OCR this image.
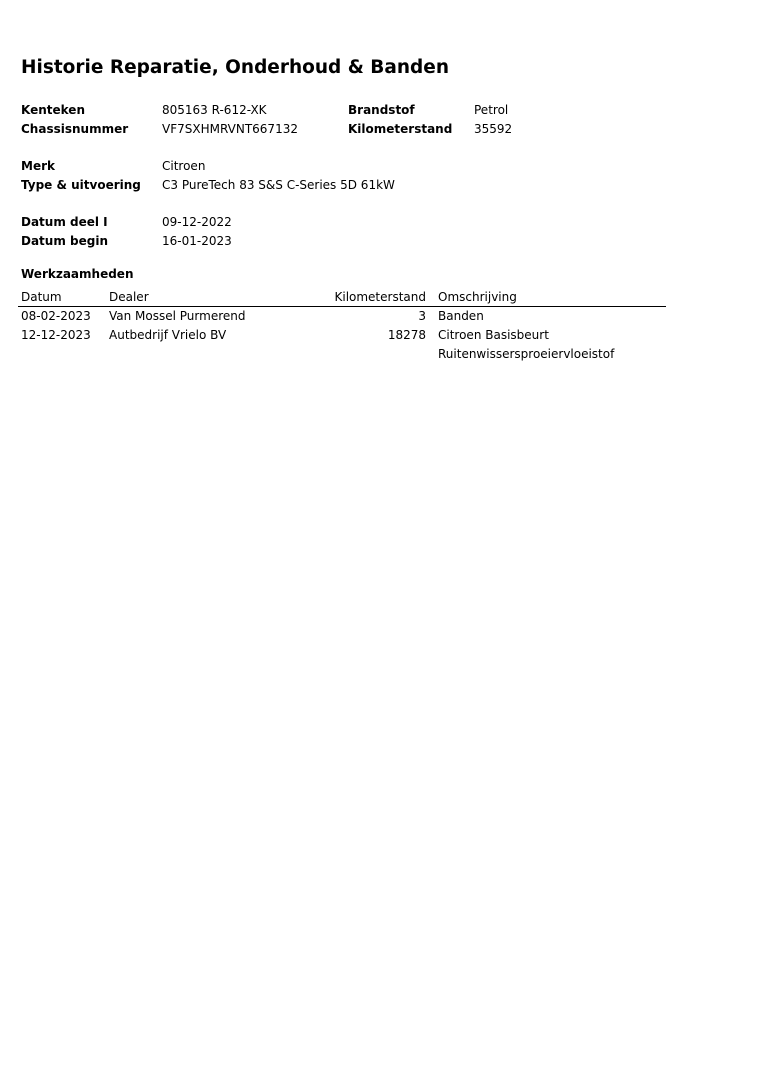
Historie Reparatie, Onderhoud & Banden
Kenteken	805163 R-612-XK	Brandstof	Petrol
Chassisnummer	VF7SXHMRVNT667132	Kilometerstand 35592
Merk	Citroen
Type & uitvoering C3 PureTech 83 S&S C-Series 5D 61kW
Datum deel I	09-12-2022
Datum begin	16-01-2023
Werkzaamheden
Datum	Dealer	Kilometerstand Omschrijving
08-02-2023 Van Mossel Purmerend	3 Banden
12-12-2023 Autbedrijf Vrielo BV	18278 Citroen Basisbeurt
Ruitenwissersproeiervloeistof
